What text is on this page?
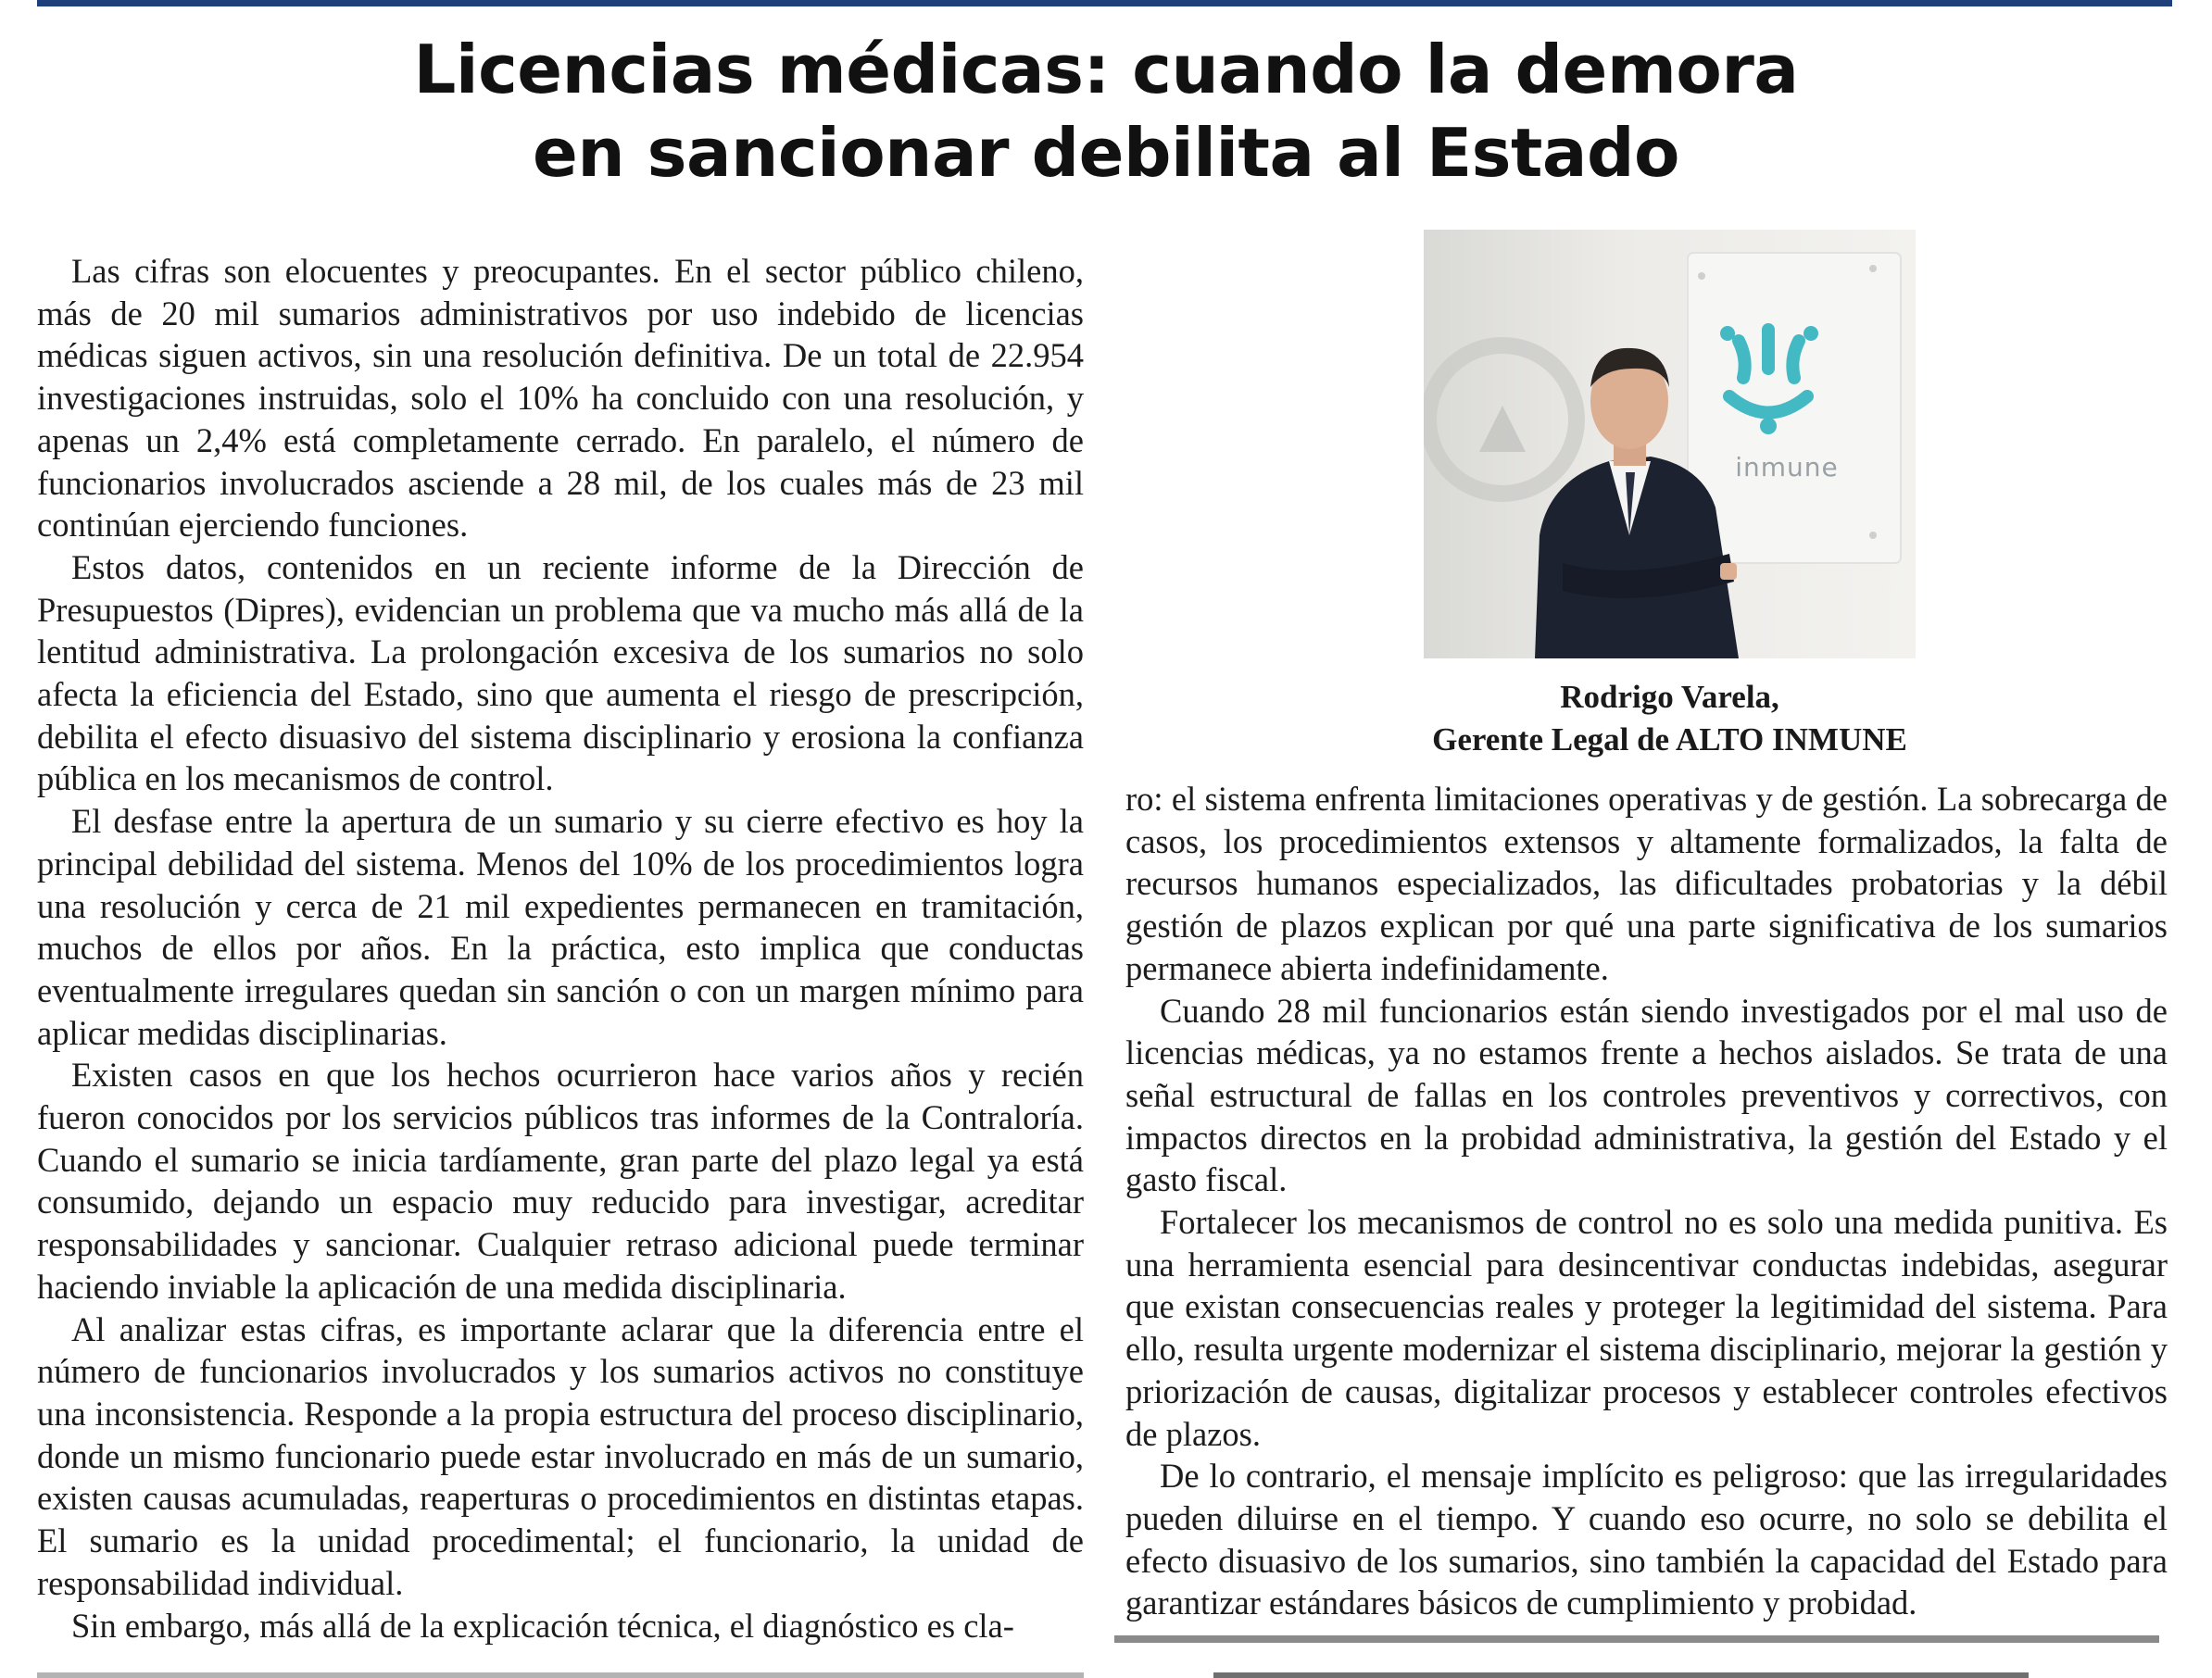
Licencias médicas: cuando la demora
en sancionar debilita al Estado

Las cifras son elocuentes y preocupantes. En el sector público chileno, más de 20 mil sumarios administrativos por uso indebido de licencias médicas siguen activos, sin una resolución definitiva. De un total de 22.954 investigaciones instruidas, solo el 10% ha concluido con una resolución, y apenas un 2,4% está completamente cerrado. En paralelo, el número de funcionarios involucrados asciende a 28 mil, de los cuales más de 23 mil continúan ejerciendo funciones.

Estos datos, contenidos en un reciente informe de la Dirección de Presupuestos (Dipres), evidencian un problema que va mucho más allá de la lentitud administrativa. La prolongación excesiva de los sumarios no solo afecta la eficiencia del Estado, sino que aumenta el riesgo de prescripción, debilita el efecto disuasivo del sistema disciplinario y erosiona la confianza pública en los mecanismos de control.

El desfase entre la apertura de un sumario y su cierre efectivo es hoy la principal debilidad del sistema. Menos del 10% de los procedimientos logra una resolución y cerca de 21 mil expedientes permanecen en tramitación, muchos de ellos por años. En la práctica, esto implica que conductas eventualmente irregulares quedan sin sanción o con un margen mínimo para aplicar medidas disciplinarias.

Existen casos en que los hechos ocurrieron hace varios años y recién fueron conocidos por los servicios públicos tras informes de la Contraloría. Cuando el sumario se inicia tardíamente, gran parte del plazo legal ya está consumido, dejando un espacio muy reducido para investigar, acreditar responsabilidades y sancionar. Cualquier retraso adicional puede terminar haciendo inviable la aplicación de una medida disciplinaria.

Al analizar estas cifras, es importante aclarar que la diferencia entre el número de funcionarios involucrados y los sumarios activos no constituye una inconsistencia. Responde a la propia estructura del proceso disciplinario, donde un mismo funcionario puede estar involucrado en más de un sumario, existen causas acumuladas, reaperturas o procedimientos en distintas etapas. El sumario es la unidad procedimental; el funcionario, la unidad de responsabilidad individual.

Sin embargo, más allá de la explicación técnica, el diagnóstico es cla-

inmune
Rodrigo Varela,
Gerente Legal de ALTO INMUNE

ro: el sistema enfrenta limitaciones operativas y de gestión. La sobrecarga de casos, los procedimientos extensos y altamente formalizados, la falta de recursos humanos especializados, las dificultades probatorias y la débil gestión de plazos explican por qué una parte significativa de los sumarios permanece abierta indefinidamente.

Cuando 28 mil funcionarios están siendo investigados por el mal uso de licencias médicas, ya no estamos frente a hechos aislados. Se trata de una señal estructural de fallas en los controles preventivos y correctivos, con impactos directos en la probidad administrativa, la gestión del Estado y el gasto fiscal.

Fortalecer los mecanismos de control no es solo una medida punitiva. Es una herramienta esencial para desincentivar conductas indebidas, asegurar que existan consecuencias reales y proteger la legitimidad del sistema. Para ello, resulta urgente modernizar el sistema disciplinario, mejorar la gestión y priorización de causas, digitalizar procesos y establecer controles efectivos de plazos.

De lo contrario, el mensaje implícito es peligroso: que las irregularidades pueden diluirse en el tiempo. Y cuando eso ocurre, no solo se debilita el efecto disuasivo de los sumarios, sino también la capacidad del Estado para garantizar estándares básicos de cumplimiento y probidad.
